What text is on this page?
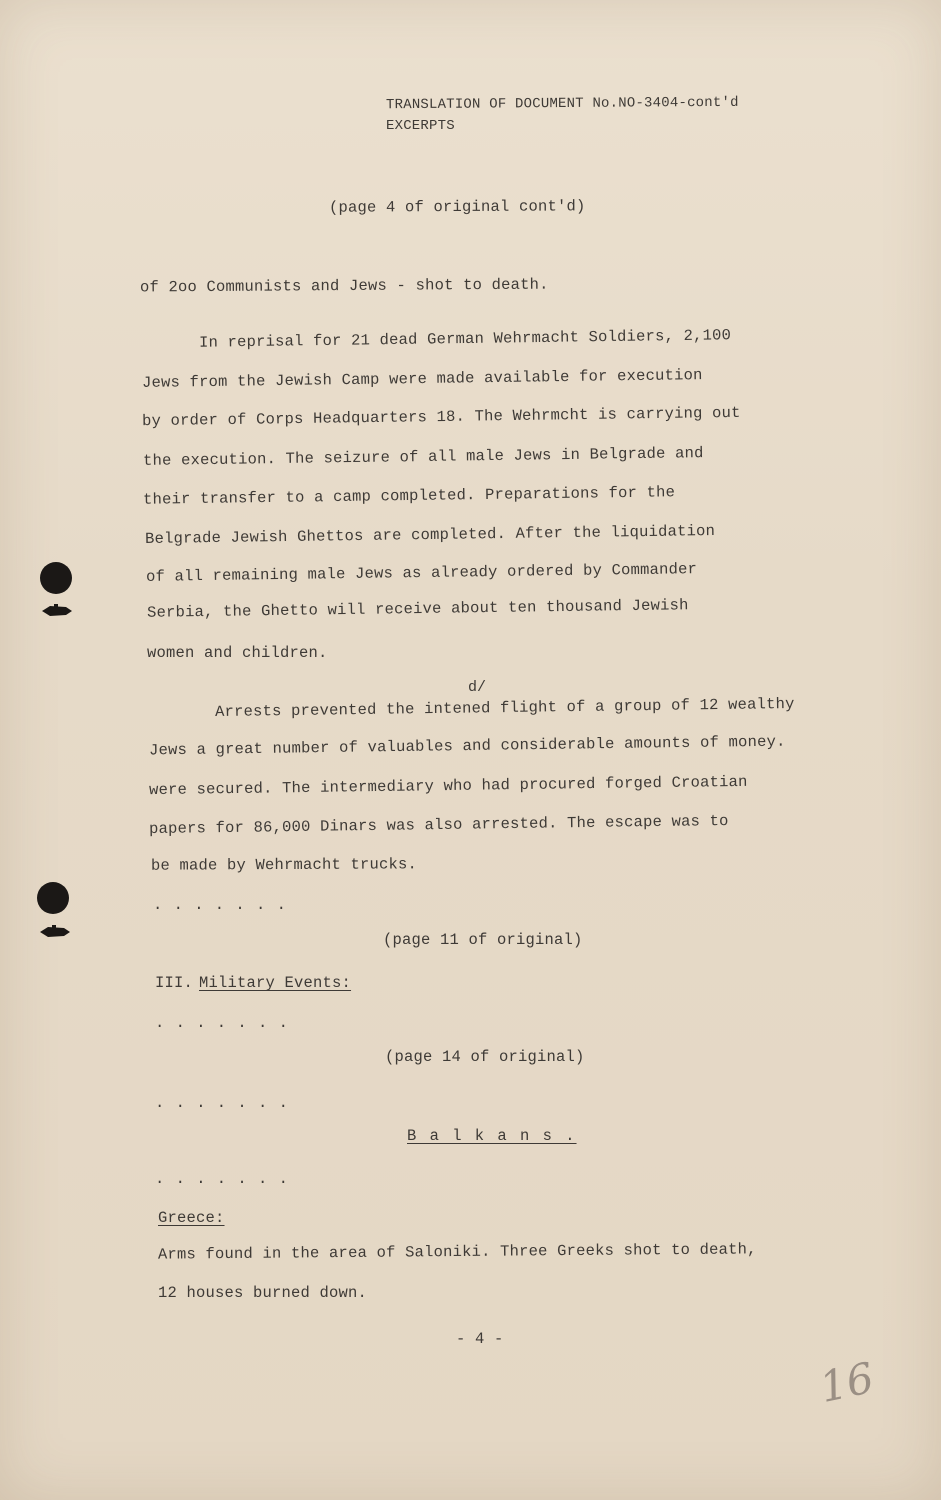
TRANSLATION OF DOCUMENT No.NO-3404-cont'd
EXCERPTS
(page 4 of original cont'd)
of 2oo Communists and Jews - shot to death.
In reprisal for 21 dead German Wehrmacht Soldiers, 2,100
Jews from the Jewish Camp were made available for execution
by order of Corps Headquarters 18. The Wehrmcht is carrying out
the execution. The seizure of all male Jews in Belgrade and
their transfer to a camp completed. Preparations for the
Belgrade Jewish Ghettos are completed. After the liquidation
of all remaining male Jews as already ordered by Commander
Serbia, the Ghetto will receive about ten thousand Jewish
women and children.
d/
Arrests prevented the intened flight of a group of 12 wealthy
Jews a great number of valuables and considerable amounts of money.
were secured. The intermediary who had procured forged Croatian
papers for 86,000 Dinars was also arrested. The escape was to
be made by Wehrmacht trucks.
. . . . . . .
(page 11 of original)
III. Military Events:
. . . . . . .
(page 14 of original)
. . . . . . .
B a l k a n s .
. . . . . . .
Greece:
Arms found in the area of Saloniki. Three Greeks shot to death,
12 houses burned down.
- 4 -
16
